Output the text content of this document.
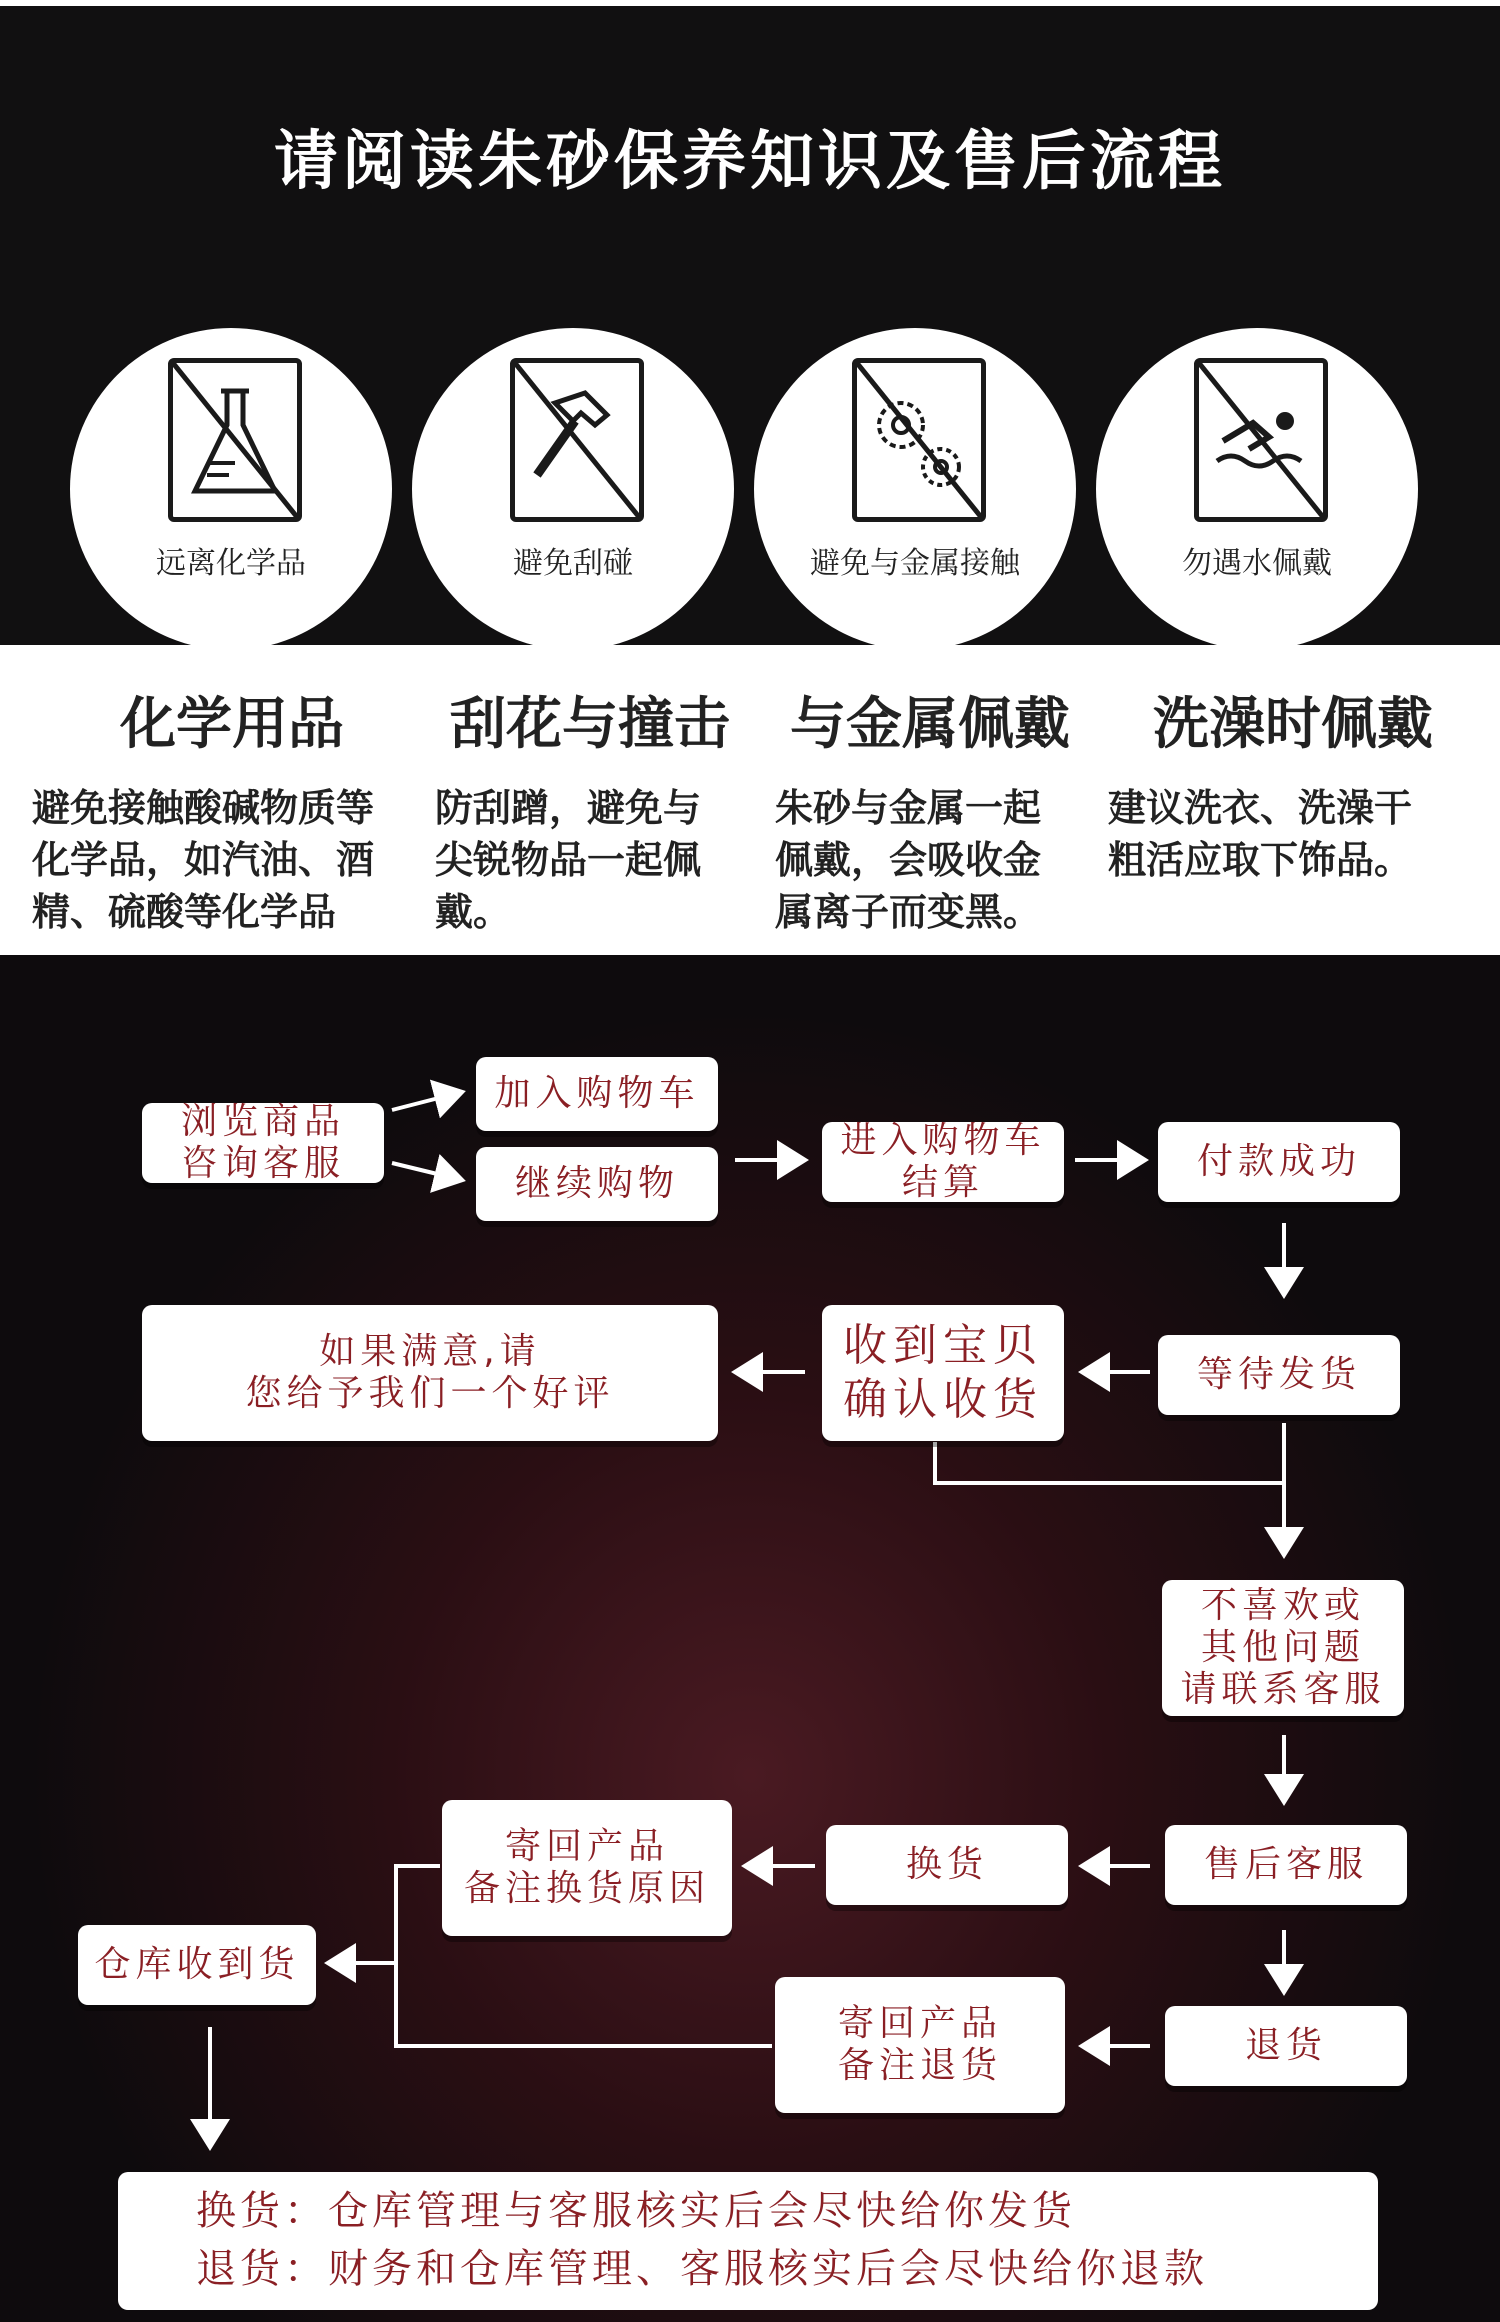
请阅读朱砂保养知识及售后流程
远离化学品	避免刮碰	避免与金属接触	勿遇水佩戴
化学用品
避免接触酸碱物质等
化学品，如汽油、酒
精、硫酸等化学品
刮花与撞击
防刮蹭，避免与
尖锐物品一起佩
戴。
与金属佩戴
朱砂与金属一起
佩戴，会吸收金
属离子而变黑。
洗澡时佩戴
建议洗衣、洗澡干
粗活应取下饰品。
浏览商品
咨询客服
加入购物车
继续购物
进入购物车
结算
付款成功
等待发货
收到宝贝
确认收货
如果满意,请
您给予我们一个好评
不喜欢或
其他问题
请联系客服
售后客服
换货
寄回产品
备注换货原因
仓库收到货
退货
寄回产品
备注退货
换货：仓库管理与客服核实后会尽快给你发货
退货：财务和仓库管理、客服核实后会尽快给你退款
